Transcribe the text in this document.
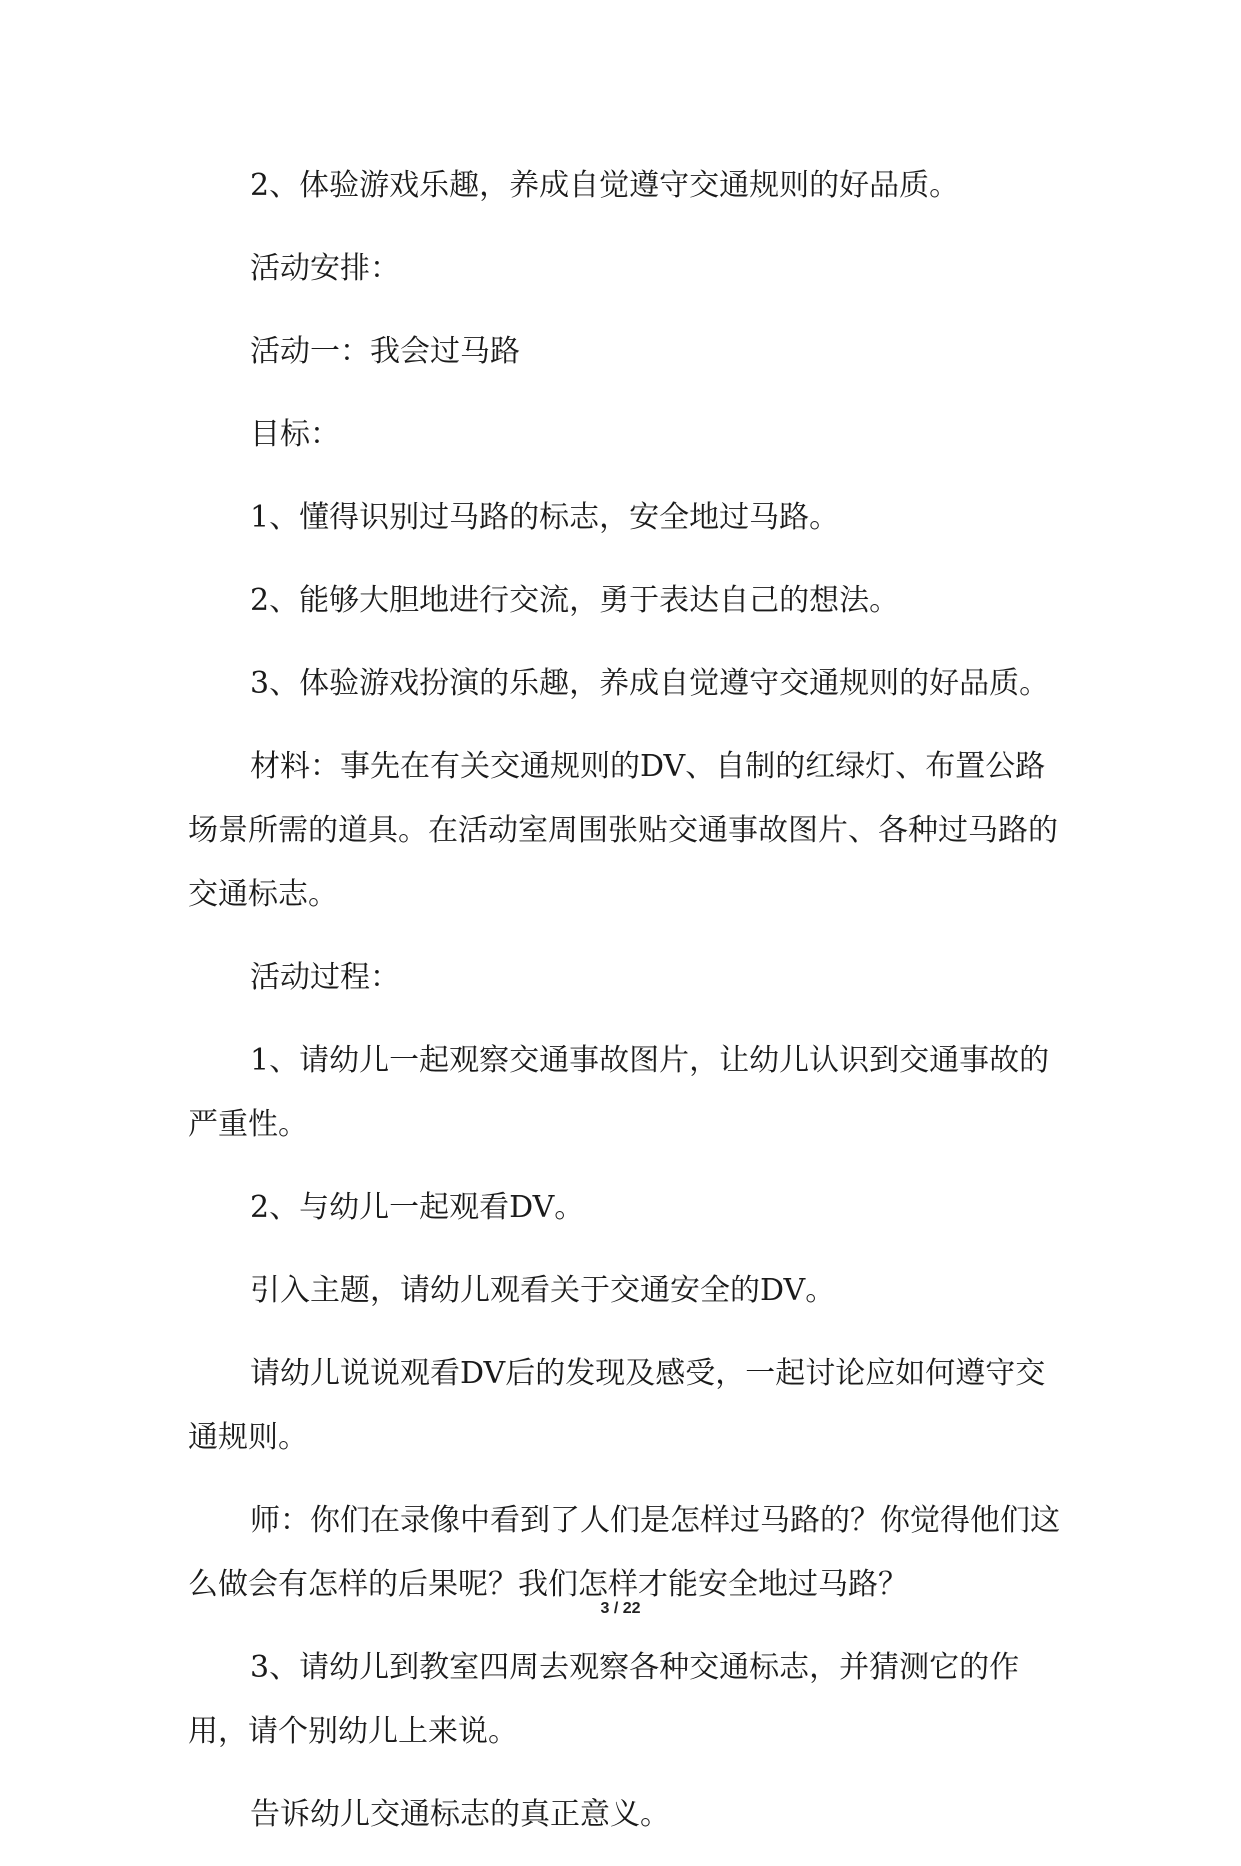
2、体验游戏乐趣，养成自觉遵守交通规则的好品质。

活动安排：

活动一：我会过马路

目标：

1、懂得识别过马路的标志，安全地过马路。

2、能够大胆地进行交流，勇于表达自己的想法。

3、体验游戏扮演的乐趣，养成自觉遵守交通规则的好品质。

材料：事先在有关交通规则的DV、自制的红绿灯、布置公路场景所需的道具。在活动室周围张贴交通事故图片、各种过马路的交通标志。

活动过程：

1、请幼儿一起观察交通事故图片，让幼儿认识到交通事故的严重性。

2、与幼儿一起观看DV。

引入主题，请幼儿观看关于交通安全的DV。

请幼儿说说观看DV后的发现及感受，一起讨论应如何遵守交通规则。

师：你们在录像中看到了人们是怎样过马路的？你觉得他们这么做会有怎样的后果呢？我们怎样才能安全地过马路？

3、请幼儿到教室四周去观察各种交通标志，并猜测它的作用，请个别幼儿上来说。

告诉幼儿交通标志的真正意义。

3 / 22
